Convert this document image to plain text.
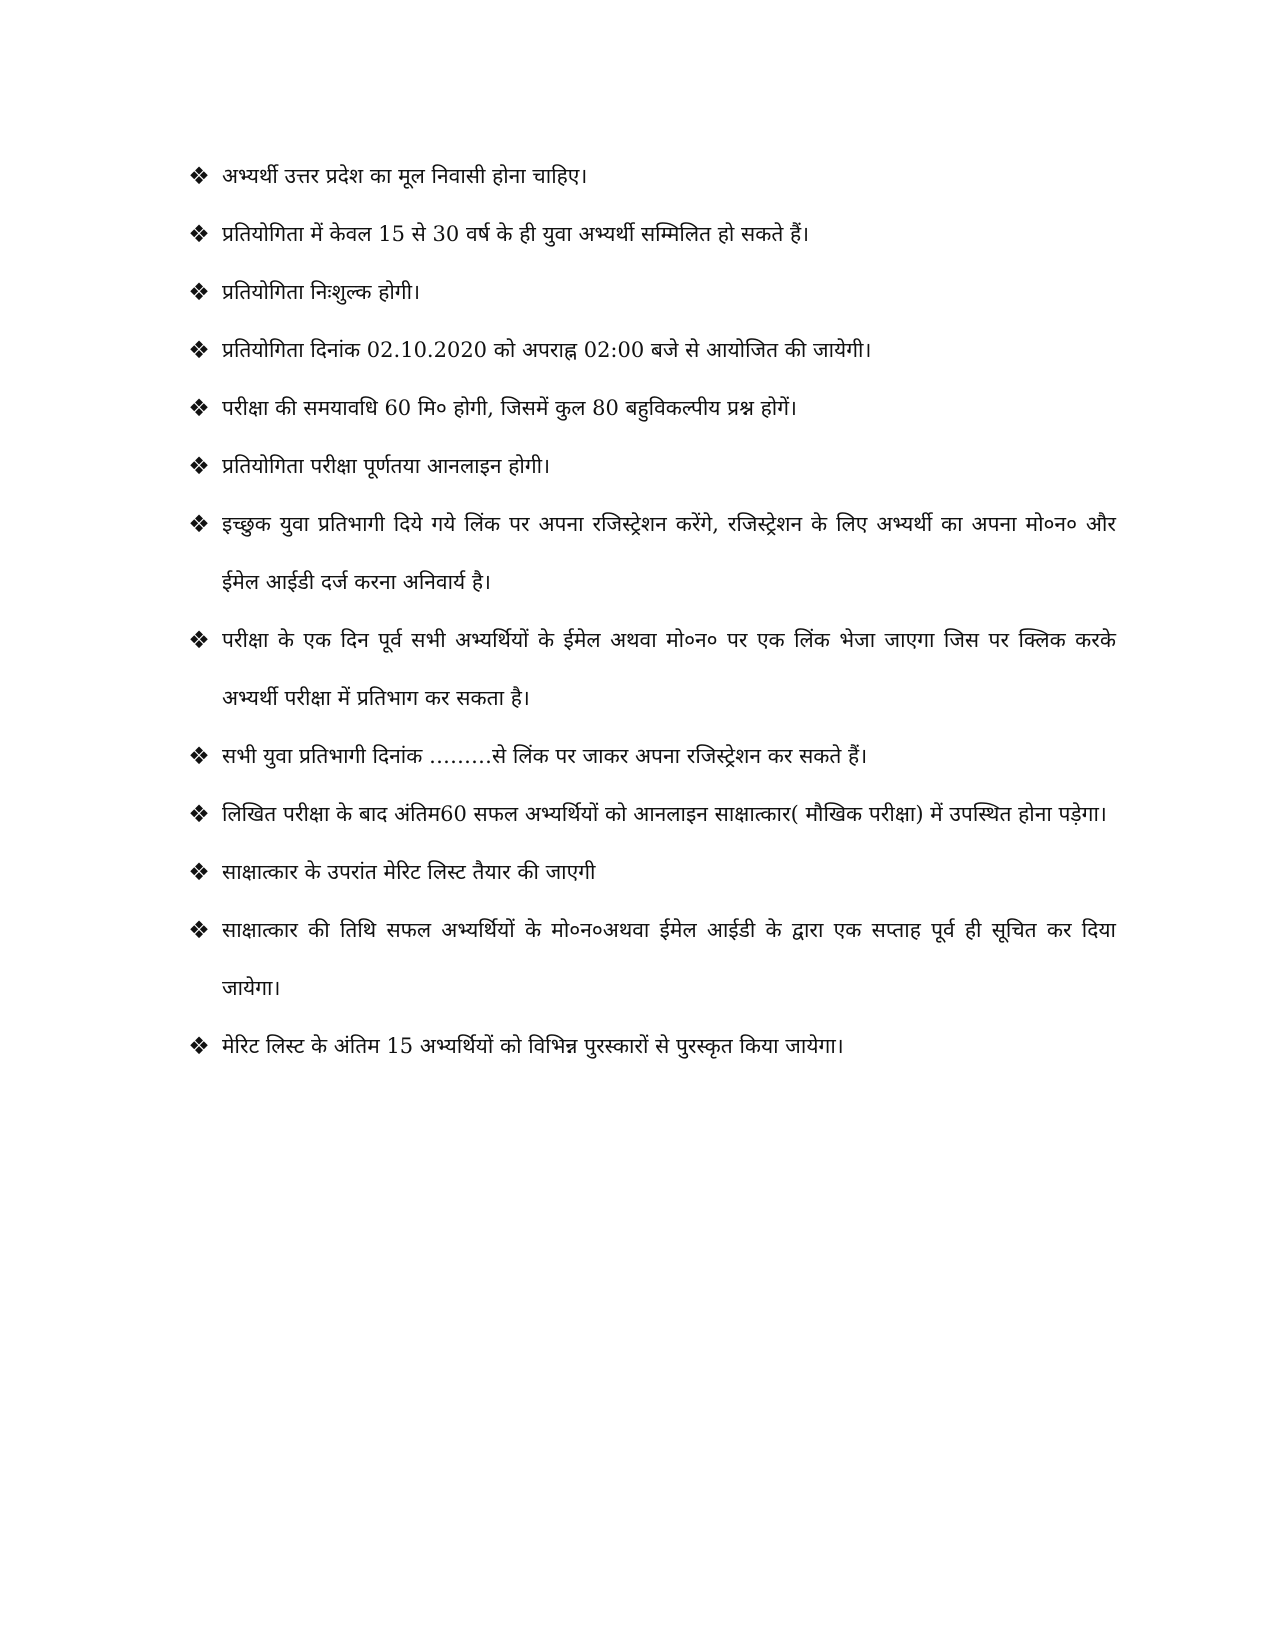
❖ अभ्यर्थी उत्तर प्रदेश का मूल निवासी होना चाहिए।
❖ प्रतियोगिता में केवल 15 से 30 वर्ष के ही युवा अभ्यर्थी सम्मिलित हो सकते हैं।
❖ प्रतियोगिता निःशुल्क होगी।
❖ प्रतियोगिता दिनांक 02.10.2020 को अपराह्न 02:00 बजे से आयोजित की जायेगी।
❖ परीक्षा की समयावधि 60 मि० होगी, जिसमें कुल 80 बहुविकल्पीय प्रश्न होगें।
❖ प्रतियोगिता परीक्षा पूर्णतया आनलाइन होगी।
❖ इच्छुक युवा प्रतिभागी दिये गये लिंक पर अपना रजिस्ट्रेशन करेंगे, रजिस्ट्रेशन के लिए अभ्यर्थी का अपना मो०न० और ईमेल आईडी दर्ज करना अनिवार्य है।
❖ परीक्षा के एक दिन पूर्व सभी अभ्यर्थियों के ईमेल अथवा मो०न० पर एक लिंक भेजा जाएगा जिस पर क्लिक करके अभ्यर्थी परीक्षा में प्रतिभाग कर सकता है।
❖ सभी युवा प्रतिभागी दिनांक ………से लिंक पर जाकर अपना रजिस्ट्रेशन कर सकते हैं।
❖ लिखित परीक्षा के बाद अंतिम60 सफल अभ्यर्थियों को आनलाइन साक्षात्कार( मौखिक परीक्षा) में उपस्थित होना पड़ेगा।
❖ साक्षात्कार के उपरांत मेरिट लिस्ट तैयार की जाएगी
❖ साक्षात्कार की तिथि सफल अभ्यर्थियों के मो०न०अथवा ईमेल आईडी के द्वारा एक सप्ताह पूर्व ही सूचित कर दिया जायेगा।
❖ मेरिट लिस्ट के अंतिम 15 अभ्यर्थियों को विभिन्न पुरस्कारों से पुरस्कृत किया जायेगा।
